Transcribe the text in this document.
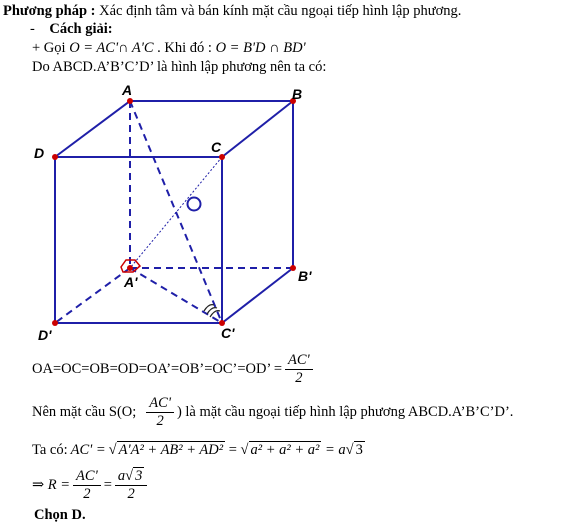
Phương pháp : Xác định tâm và bán kính mặt cầu ngoại tiếp hình lập phương.
-    Cách giải:
+ Gọi O = AC'∩ A'C . Khi đó : O = B'D ∩ BD'
Do ABCD.A’B’C’D’ là hình lập phương nên ta có:
A	B
D	C
A'	B'
D'	C'
OA=OC=OB=OD=OA’=OB’=OC’=OD’ = $\frac{AC'}{2}$
Nên mặt cầu S(O; $\frac{AC'}{2}$ ) là mặt cầu ngoại tiếp hình lập phương ABCD.A’B’C’D’.
Ta có: AC' = √ A'A² + AB² + AD² = √ a² + a² + a² = a √ 3
⇒ $R = \frac{AC'}{2} = \frac{a√ 3}{2}$
Chọn D.
